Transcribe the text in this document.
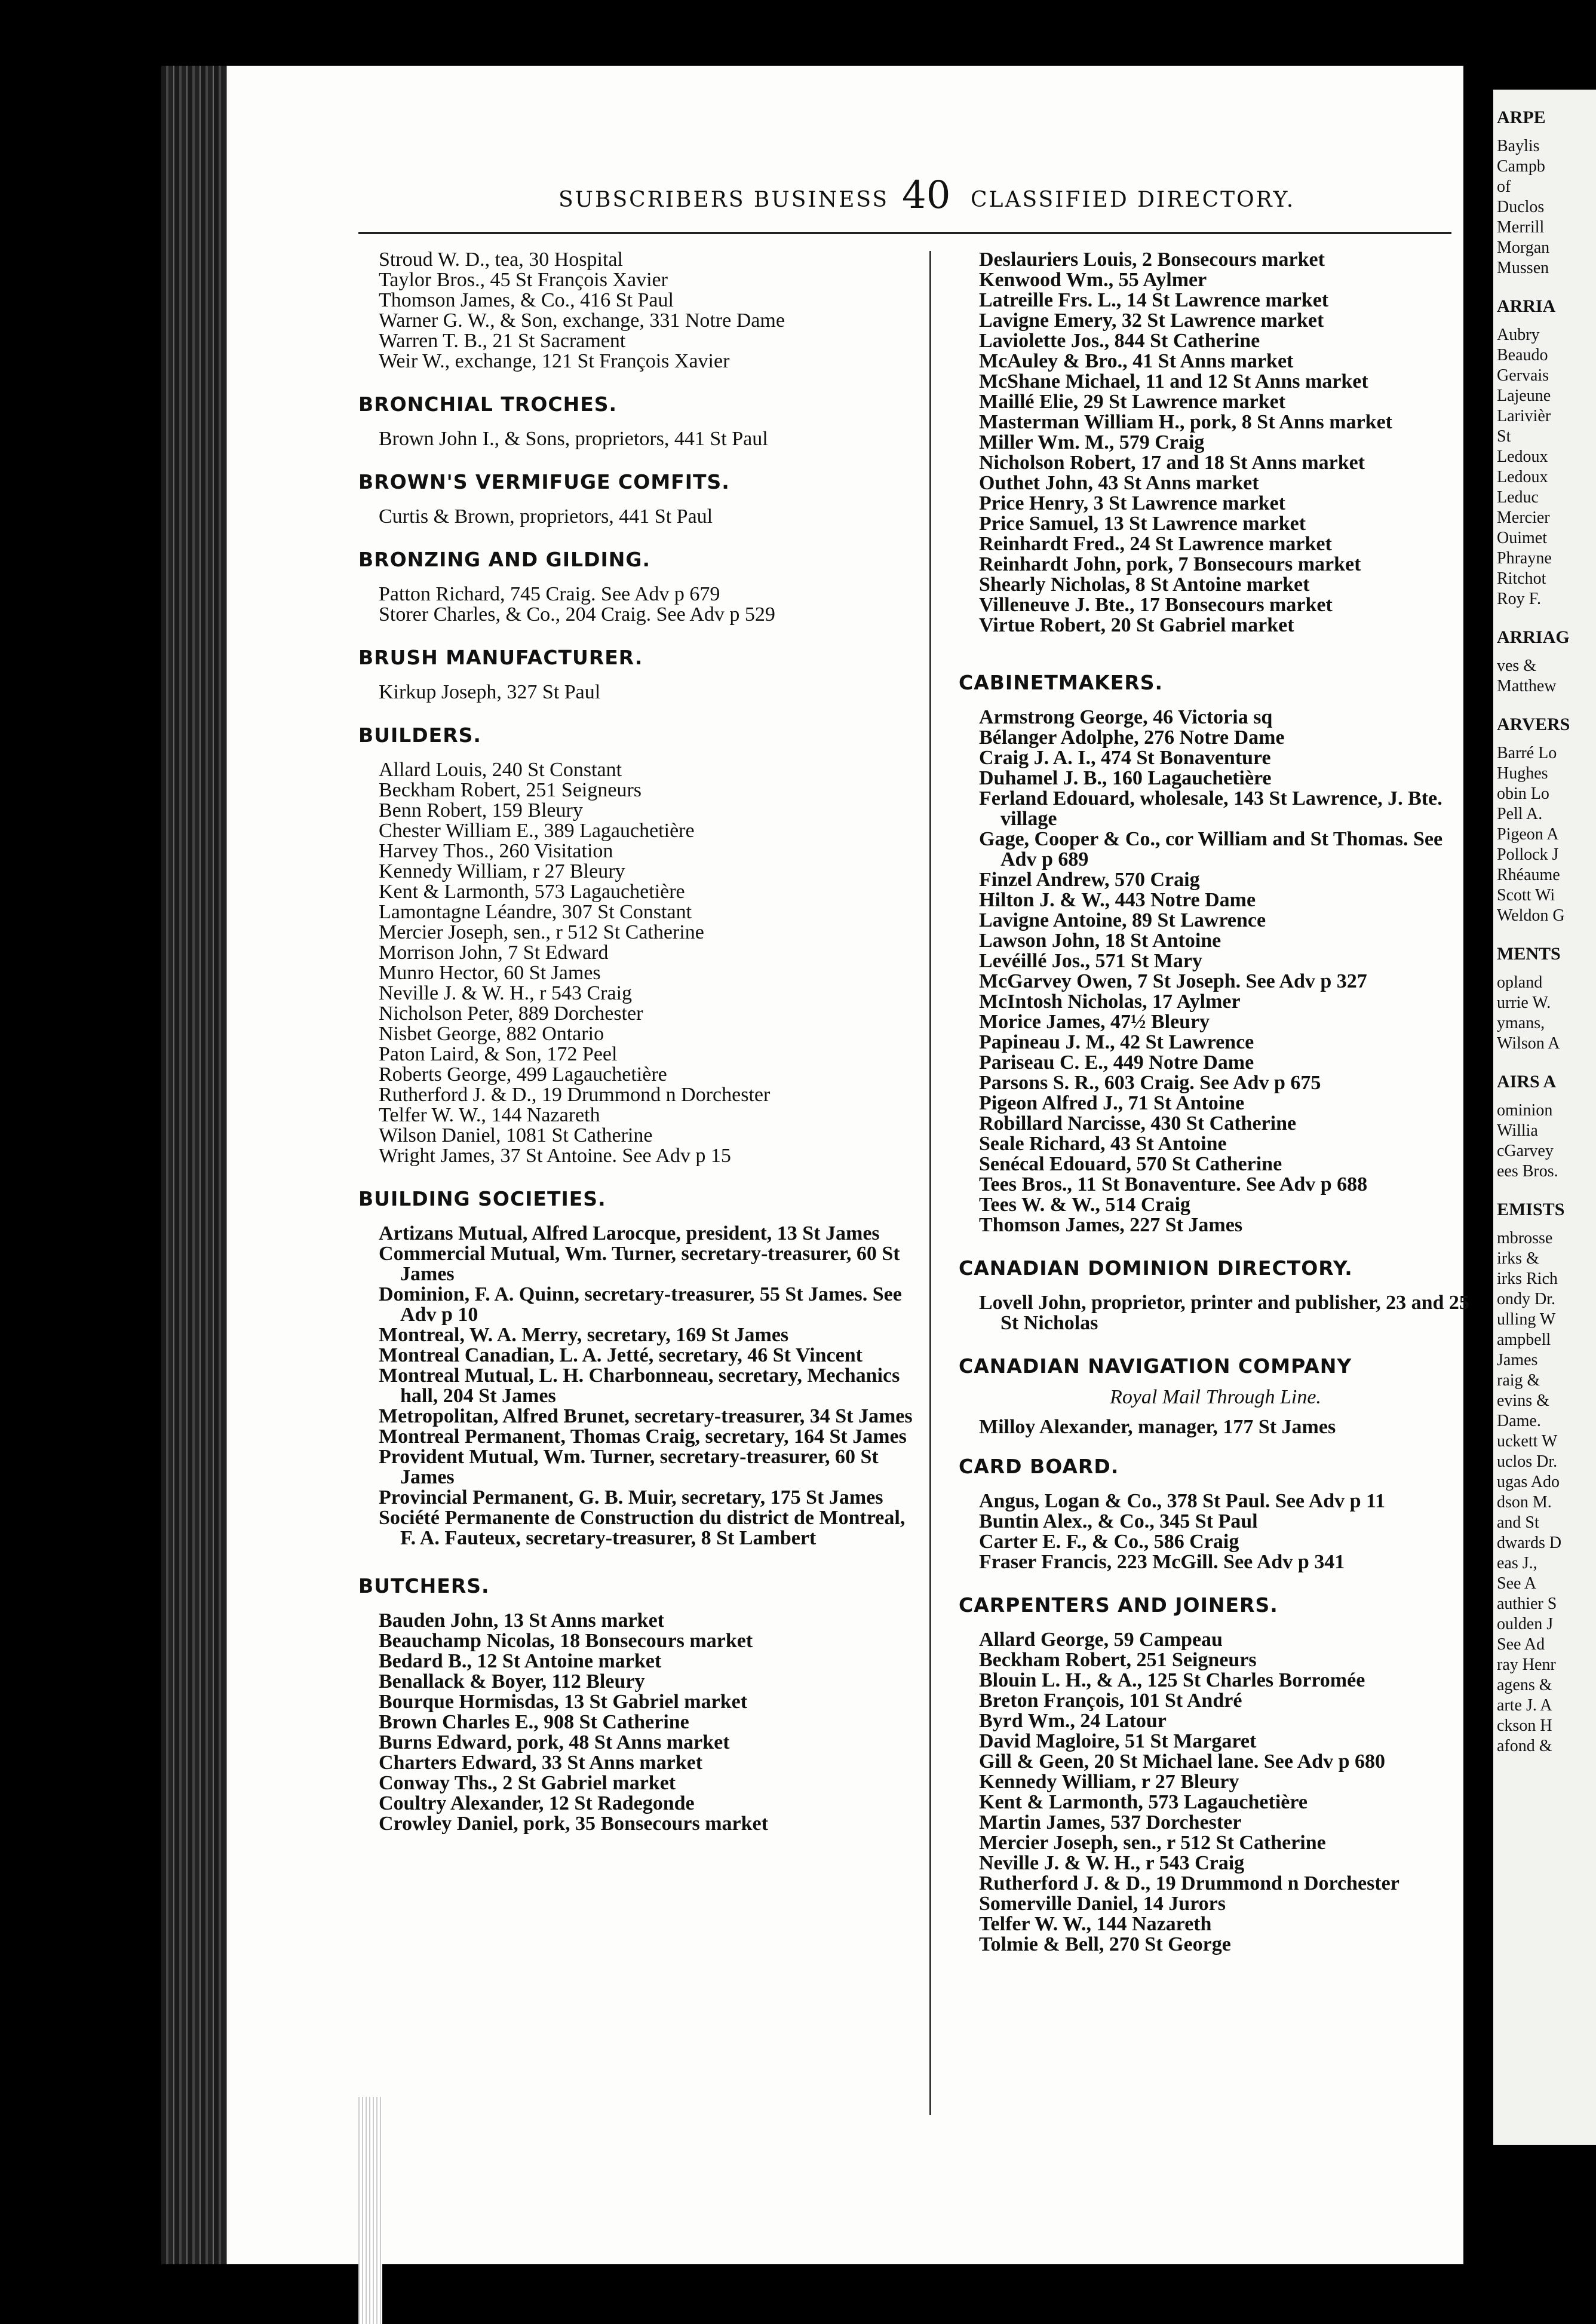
ARPE
Baylis
Campb
of
Duclos
Merrill
Morgan
Mussen
ARRIA
Aubry
Beaudo
Gervais
Lajeune
Larivièr
St
Ledoux
Ledoux
Leduc
Mercier
Ouimet
Phrayne
Ritchot
Roy F.
ARRIAG
ves &
Matthew
ARVERS
Barré Lo
Hughes
obin Lo
Pell A.
Pigeon A
Pollock J
Rhéaume
Scott Wi
Weldon G
MENTS
opland
urrie W.
ymans,
Wilson A
AIRS A
ominion
Willia
cGarvey
ees Bros.
EMISTS
mbrosse
irks &
irks Rich
ondy Dr.
ulling W
ampbell
James
raig &
evins &
Dame.
uckett W
uclos Dr.
ugas Ado
dson M.
and St
dwards D
eas J.,
See A
authier S
oulden J
See Ad
ray Henr
agens &
arte J. A
ckson H
afond &
SUBSCRIBERS BUSINESS 40 CLASSIFIED DIRECTORY.
Stroud W. D., tea, 30 Hospital
Taylor Bros., 45 St François Xavier
Thomson James, & Co., 416 St Paul
Warner G. W., & Son, exchange, 331 Notre Dame
Warren T. B., 21 St Sacrament
Weir W., exchange, 121 St François Xavier
BRONCHIAL TROCHES.
Brown John I., & Sons, proprietors, 441 St Paul
BROWN'S VERMIFUGE COMFITS.
Curtis & Brown, proprietors, 441 St Paul
BRONZING AND GILDING.
Patton Richard, 745 Craig. See Adv p 679
Storer Charles, & Co., 204 Craig. See Adv p 529
BRUSH MANUFACTURER.
Kirkup Joseph, 327 St Paul
BUILDERS.
Allard Louis, 240 St Constant
Beckham Robert, 251 Seigneurs
Benn Robert, 159 Bleury
Chester William E., 389 Lagauchetière
Harvey Thos., 260 Visitation
Kennedy William, r 27 Bleury
Kent & Larmonth, 573 Lagauchetière
Lamontagne Léandre, 307 St Constant
Mercier Joseph, sen., r 512 St Catherine
Morrison John, 7 St Edward
Munro Hector, 60 St James
Neville J. & W. H., r 543 Craig
Nicholson Peter, 889 Dorchester
Nisbet George, 882 Ontario
Paton Laird, & Son, 172 Peel
Roberts George, 499 Lagauchetière
Rutherford J. & D., 19 Drummond n Dorchester
Telfer W. W., 144 Nazareth
Wilson Daniel, 1081 St Catherine
Wright James, 37 St Antoine. See Adv p 15
BUILDING SOCIETIES.
Artizans Mutual, Alfred Larocque, president, 13 St James
Commercial Mutual, Wm. Turner, secretary-treasurer, 60 St James
Dominion, F. A. Quinn, secretary-treasurer, 55 St James. See Adv p 10
Montreal, W. A. Merry, secretary, 169 St James
Montreal Canadian, L. A. Jetté, secretary, 46 St Vincent
Montreal Mutual, L. H. Charbonneau, secretary, Mechanics hall, 204 St James
Metropolitan, Alfred Brunet, secretary-treasurer, 34 St James
Montreal Permanent, Thomas Craig, secretary, 164 St James
Provident Mutual, Wm. Turner, secretary-treasurer, 60 St James
Provincial Permanent, G. B. Muir, secretary, 175 St James
Société Permanente de Construction du district de Montreal, F. A. Fauteux, secretary-treasurer, 8 St Lambert
BUTCHERS.
Bauden John, 13 St Anns market
Beauchamp Nicolas, 18 Bonsecours market
Bedard B., 12 St Antoine market
Benallack & Boyer, 112 Bleury
Bourque Hormisdas, 13 St Gabriel market
Brown Charles E., 908 St Catherine
Burns Edward, pork, 48 St Anns market
Charters Edward, 33 St Anns market
Conway Ths., 2 St Gabriel market
Coultry Alexander, 12 St Radegonde
Crowley Daniel, pork, 35 Bonsecours market
Deslauriers Louis, 2 Bonsecours market
Kenwood Wm., 55 Aylmer
Latreille Frs. L., 14 St Lawrence market
Lavigne Emery, 32 St Lawrence market
Laviolette Jos., 844 St Catherine
McAuley & Bro., 41 St Anns market
McShane Michael, 11 and 12 St Anns market
Maillé Elie, 29 St Lawrence market
Masterman William H., pork, 8 St Anns market
Miller Wm. M., 579 Craig
Nicholson Robert, 17 and 18 St Anns market
Outhet John, 43 St Anns market
Price Henry, 3 St Lawrence market
Price Samuel, 13 St Lawrence market
Reinhardt Fred., 24 St Lawrence market
Reinhardt John, pork, 7 Bonsecours market
Shearly Nicholas, 8 St Antoine market
Villeneuve J. Bte., 17 Bonsecours market
Virtue Robert, 20 St Gabriel market
CABINETMAKERS.
Armstrong George, 46 Victoria sq
Bélanger Adolphe, 276 Notre Dame
Craig J. A. I., 474 St Bonaventure
Duhamel J. B., 160 Lagauchetière
Ferland Edouard, wholesale, 143 St Lawrence, J. Bte. village
Gage, Cooper & Co., cor William and St Thomas. See Adv p 689
Finzel Andrew, 570 Craig
Hilton J. & W., 443 Notre Dame
Lavigne Antoine, 89 St Lawrence
Lawson John, 18 St Antoine
Levéillé Jos., 571 St Mary
McGarvey Owen, 7 St Joseph. See Adv p 327
McIntosh Nicholas, 17 Aylmer
Morice James, 47½ Bleury
Papineau J. M., 42 St Lawrence
Pariseau C. E., 449 Notre Dame
Parsons S. R., 603 Craig. See Adv p 675
Pigeon Alfred J., 71 St Antoine
Robillard Narcisse, 430 St Catherine
Seale Richard, 43 St Antoine
Senécal Edouard, 570 St Catherine
Tees Bros., 11 St Bonaventure. See Adv p 688
Tees W. & W., 514 Craig
Thomson James, 227 St James
CANADIAN DOMINION DIRECTORY.
Lovell John, proprietor, printer and publisher, 23 and 25 St Nicholas
CANADIAN NAVIGATION COMPANY
Royal Mail Through Line.
Milloy Alexander, manager, 177 St James
CARD BOARD.
Angus, Logan & Co., 378 St Paul. See Adv p 11
Buntin Alex., & Co., 345 St Paul
Carter E. F., & Co., 586 Craig
Fraser Francis, 223 McGill. See Adv p 341
CARPENTERS AND JOINERS.
Allard George, 59 Campeau
Beckham Robert, 251 Seigneurs
Blouin L. H., & A., 125 St Charles Borromée
Breton François, 101 St André
Byrd Wm., 24 Latour
David Magloire, 51 St Margaret
Gill & Geen, 20 St Michael lane. See Adv p 680
Kennedy William, r 27 Bleury
Kent & Larmonth, 573 Lagauchetière
Martin James, 537 Dorchester
Mercier Joseph, sen., r 512 St Catherine
Neville J. & W. H., r 543 Craig
Rutherford J. & D., 19 Drummond n Dorchester
Somerville Daniel, 14 Jurors
Telfer W. W., 144 Nazareth
Tolmie & Bell, 270 St George
